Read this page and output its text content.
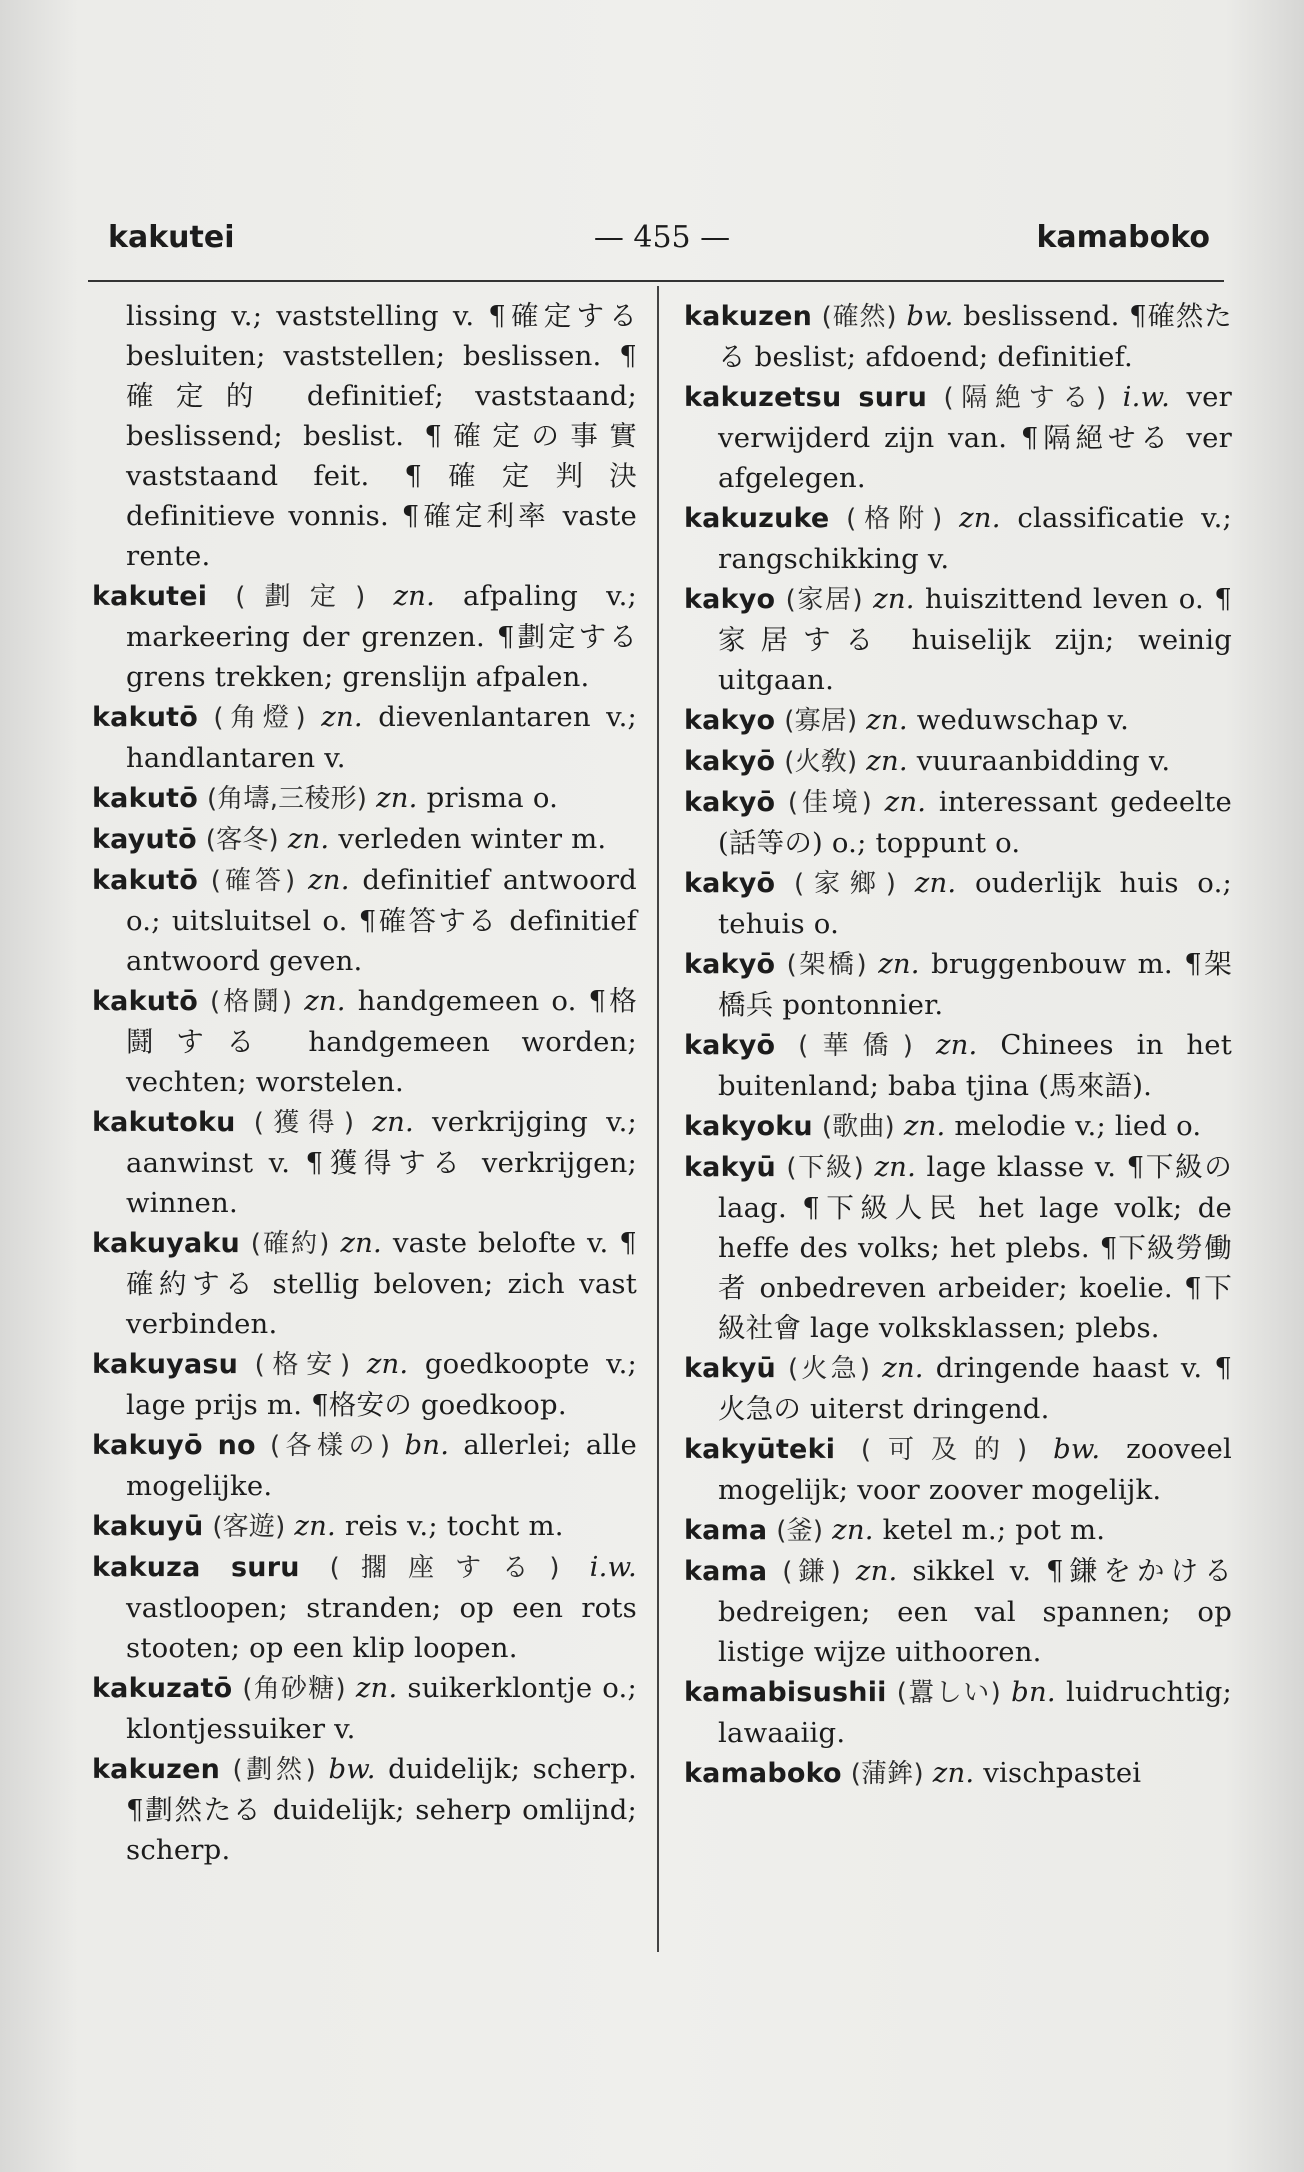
kakutei	— 455 —	kamaboko

lissing v.; vaststelling v. ¶確定する besluiten; vaststellen; beslissen. ¶確定的 definitief; vaststaand; beslissend; beslist. ¶確定の事實 vaststaand feit. ¶確定判決 definitieve vonnis. ¶確定利率 vaste rente.

kakutei (劃定) zn. afpaling v.; markeering der grenzen. ¶劃定する grens trekken; grenslijn afpalen.

kakutō (角燈) zn. dievenlantaren v.; handlantaren v.

kakutō (角壔,三稜形) zn. prisma o.

kayutō (客冬) zn. verleden winter m.

kakutō (確答) zn. definitief antwoord o.; uitsluitsel o. ¶確答する definitief antwoord geven.

kakutō (格鬪) zn. handgemeen o. ¶格鬪する handgemeen worden; vechten; worstelen.

kakutoku (獲得) zn. verkrijging v.; aanwinst v. ¶獲得する verkrijgen; winnen.

kakuyaku (確約) zn. vaste belofte v. ¶確約する stellig beloven; zich vast verbinden.

kakuyasu (格安) zn. goedkoopte v.; lage prijs m. ¶格安の goedkoop.

kakuyō no (各樣の) bn. allerlei; alle mogelijke.

kakuyū (客遊) zn. reis v.; tocht m.

kakuza suru (擱座する) i.w. vastloopen; stranden; op een rots stooten; op een klip loopen.

kakuzatō (角砂糖) zn. suikerklontje o.; klontjessuiker v.

kakuzen (劃然) bw. duidelijk; scherp. ¶劃然たる duidelijk; seherp omlijnd; scherp.

kakuzen (確然) bw. beslissend. ¶確然たる beslist; afdoend; definitief.

kakuzetsu suru (隔絶する) i.w. ver verwijderd zijn van. ¶隔絕せる ver afgelegen.

kakuzuke (格附) zn. classificatie v.; rangschikking v.

kakyo (家居) zn. huiszittend leven o. ¶家居する huiselijk zijn; weinig uitgaan.

kakyo (寡居) zn. weduwschap v.

kakyō (火敎) zn. vuuraanbidding v.

kakyō (佳境) zn. interessant gedeelte (話等の) o.; toppunt o.

kakyō (家鄉) zn. ouderlijk huis o.; tehuis o.

kakyō (架橋) zn. bruggenbouw m. ¶架橋兵 pontonnier.

kakyō (華僑) zn. Chinees in het buitenland; baba tjina (馬來語).

kakyoku (歌曲) zn. melodie v.; lied o.

kakyū (下級) zn. lage klasse v. ¶下級の laag. ¶下級人民 het lage volk; de heffe des volks; het plebs. ¶下級勞働者 onbedreven arbeider; koelie. ¶下級社會 lage volksklassen; plebs.

kakyū (火急) zn. dringende haast v. ¶火急の uiterst dringend.

kakyūteki (可及的) bw. zooveel mogelijk; voor zoover mogelijk.

kama (釜) zn. ketel m.; pot m.

kama (鎌) zn. sikkel v. ¶鎌をかける bedreigen; een val spannen; op listige wijze uithooren.

kamabisushii (囂しい) bn. luidruchtig; lawaaiig.

kamaboko (蒲鉾) zn. vischpastei
